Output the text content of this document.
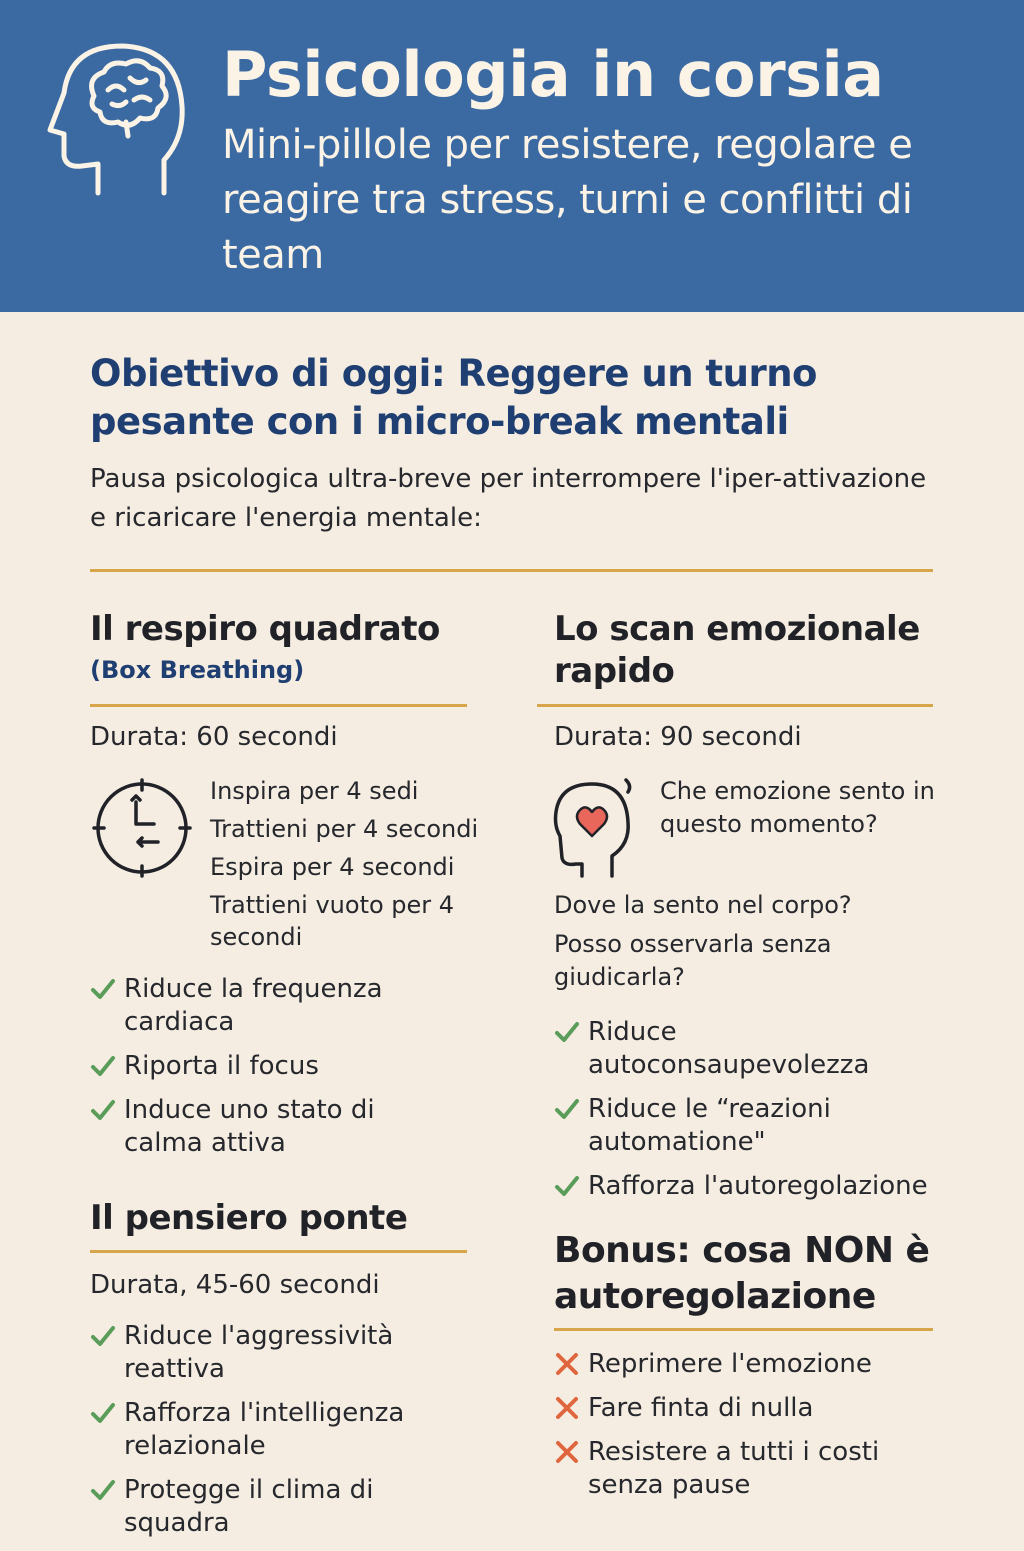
Psicologia in corsia
Mini-pillole per resistere, regolare e reagire tra stress, turni e conflitti di team
Obiettivo di oggi: Reggere un turno pesante con i micro-break mentali
Pausa psicologica ultra-breve per interrompere l'iper-attivazione e ricaricare l'energia mentale:
Il respiro quadrato
(Box Breathing)
Durata: 60 secondi
Inspira per 4 sedi
Trattieni per 4 secondi
Espira per 4 secondi
Trattieni vuoto per 4
secondi
Riduce la frequenza cardiaca
Riporta il focus
Induce uno stato di calma attiva
Il pensiero ponte
Durata, 45-60 secondi
Riduce l'aggressività reattiva
Rafforza l'intelligenza relazionale
Protegge il clima di squadra
Lo scan emozionale rapido
Durata: 90 secondi
Che emozione sento in questo momento?
Dove la sento nel corpo?
Posso osservarla senza giudicarla?
Riduce autoconsaupevolezza
Riduce le “reazioni automatione"
Rafforza l'autoregolazione
Bonus: cosa NON è autoregolazione
Reprimere l'emozione
Fare finta di nulla
Resistere a tutti i costi senza pause
